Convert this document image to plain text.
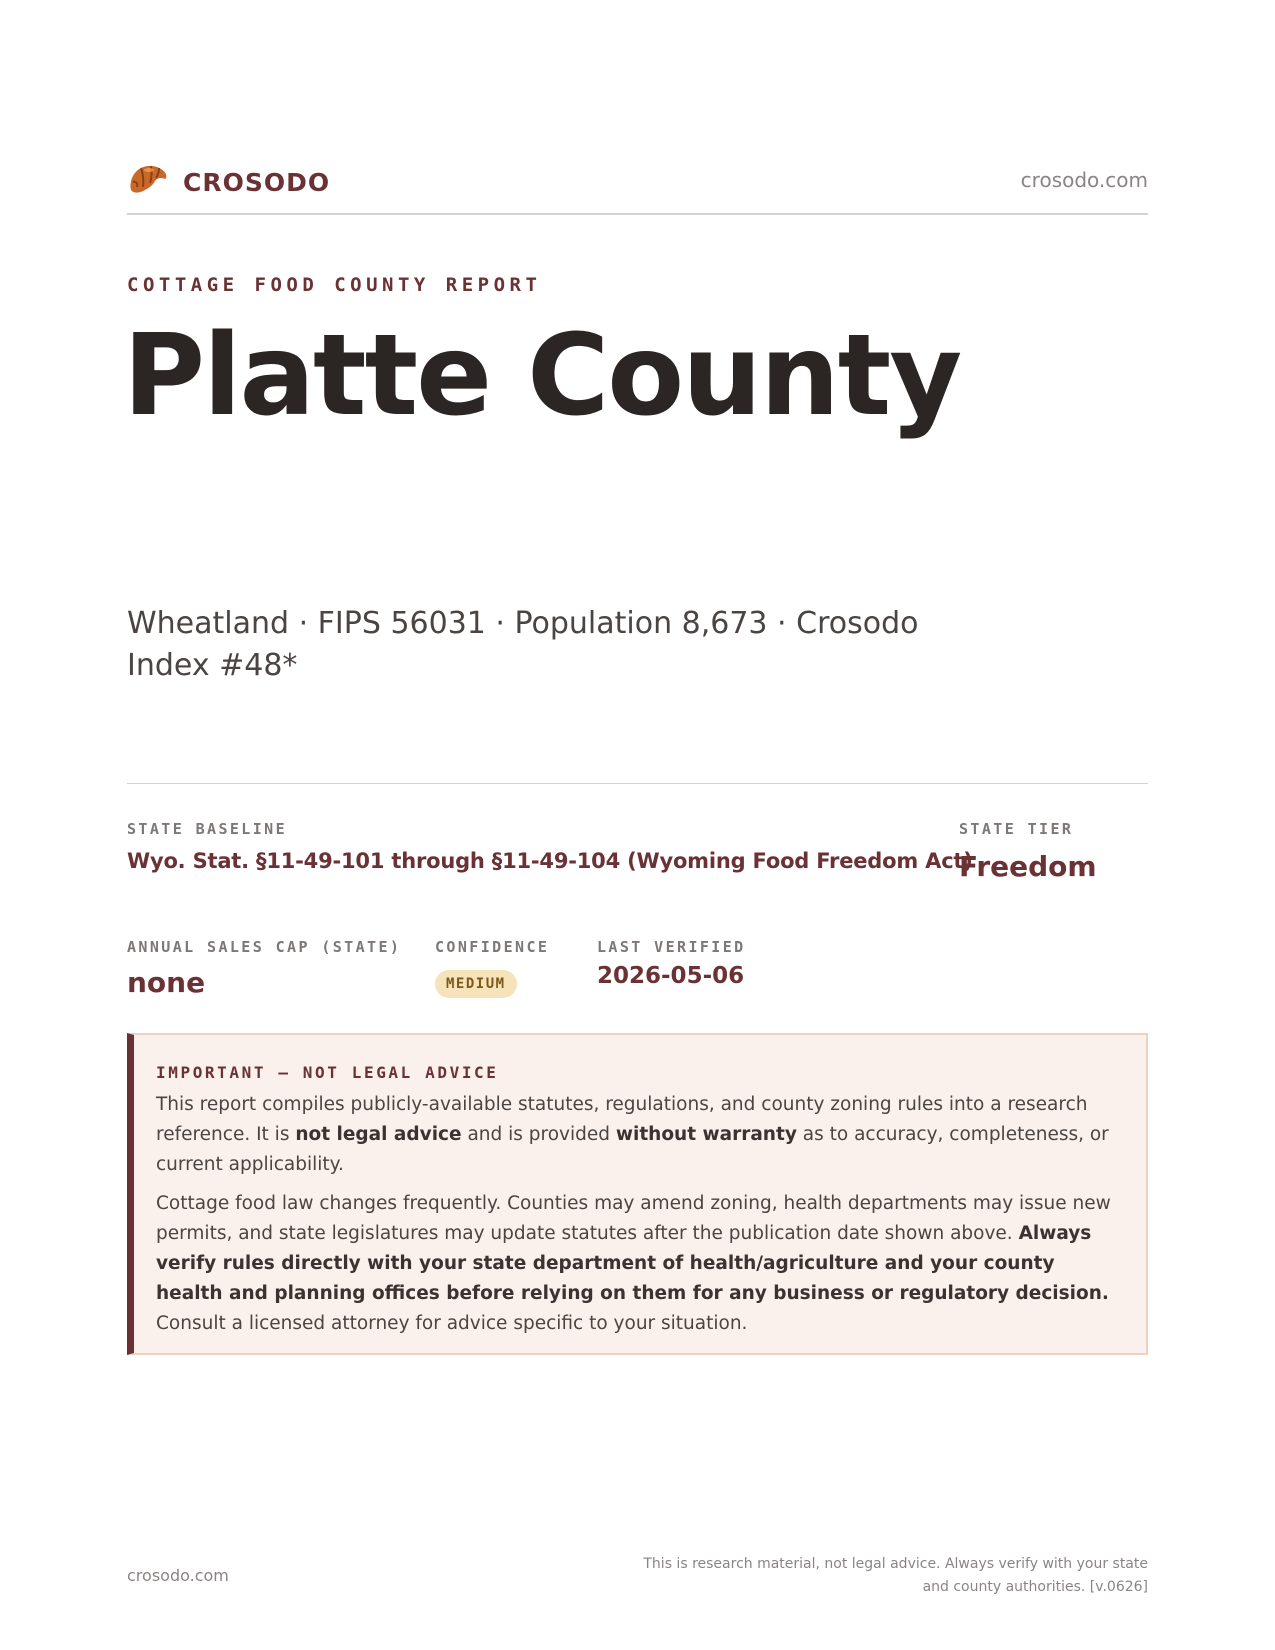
CROSODO	crosodo.com
COTTAGE FOOD COUNTY REPORT
Platte County
Wheatland · FIPS 56031 · Population 8,673 · Crosodo Index #48*
STATE BASELINE
Wyo. Stat. §11-49-101 through §11-49-104 (Wyoming Food Freedom Act)
STATE TIER
Freedom
ANNUAL SALES CAP (STATE)
none
CONFIDENCE
MEDIUM
LAST VERIFIED
2026-05-06
IMPORTANT — NOT LEGAL ADVICE
This report compiles publicly-available statutes, regulations, and county zoning rules into a research reference. It is not legal advice and is provided without warranty as to accuracy, completeness, or current applicability.
Cottage food law changes frequently. Counties may amend zoning, health departments may issue new permits, and state legislatures may update statutes after the publication date shown above. Always verify rules directly with your state department of health/agriculture and your county health and planning offices before relying on them for any business or regulatory decision. Consult a licensed attorney for advice specific to your situation.
crosodo.com
This is research material, not legal advice. Always verify with your state and county authorities. [v.0626]
